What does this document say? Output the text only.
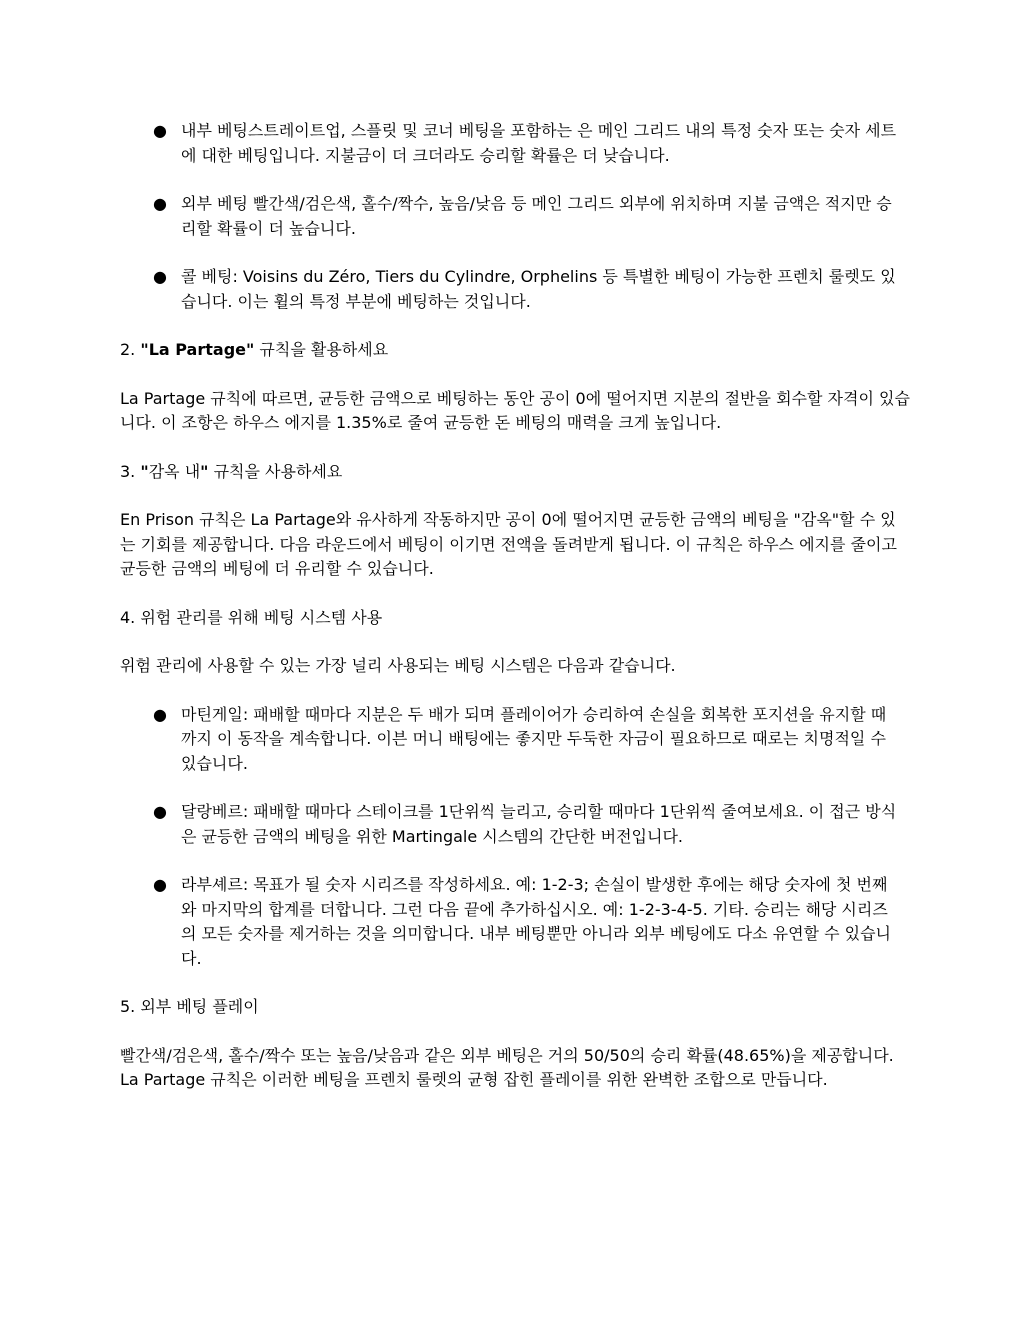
● 내부 베팅스트레이트업, 스플릿 및 코너 베팅을 포함하는 은 메인 그리드 내의 특정 숫자 또는 숫자 세트에 대한 베팅입니다. 지불금이 더 크더라도 승리할 확률은 더 낮습니다.
● 외부 베팅 빨간색/검은색, 홀수/짝수, 높음/낮음 등 메인 그리드 외부에 위치하며 지불 금액은 적지만 승리할 확률이 더 높습니다.
● 콜 베팅: Voisins du Zéro, Tiers du Cylindre, Orphelins 등 특별한 베팅이 가능한 프렌치 룰렛도 있습니다. 이는 휠의 특정 부분에 베팅하는 것입니다.

2. "La Partage" 규칙을 활용하세요

La Partage 규칙에 따르면, 균등한 금액으로 베팅하는 동안 공이 0에 떨어지면 지분의 절반을 회수할 자격이 있습니다. 이 조항은 하우스 에지를 1.35%로 줄여 균등한 돈 베팅의 매력을 크게 높입니다.

3. "감옥 내" 규칙을 사용하세요

En Prison 규칙은 La Partage와 유사하게 작동하지만 공이 0에 떨어지면 균등한 금액의 베팅을 "감옥"할 수 있는 기회를 제공합니다. 다음 라운드에서 베팅이 이기면 전액을 돌려받게 됩니다. 이 규칙은 하우스 에지를 줄이고 균등한 금액의 베팅에 더 유리할 수 있습니다.

4. 위험 관리를 위해 베팅 시스템 사용

위험 관리에 사용할 수 있는 가장 널리 사용되는 베팅 시스템은 다음과 같습니다.

● 마틴게일: 패배할 때마다 지분은 두 배가 되며 플레이어가 승리하여 손실을 회복한 포지션을 유지할 때까지 이 동작을 계속합니다. 이븐 머니 배팅에는 좋지만 두둑한 자금이 필요하므로 때로는 치명적일 수 있습니다.
● 달랑베르: 패배할 때마다 스테이크를 1단위씩 늘리고, 승리할 때마다 1단위씩 줄여보세요. 이 접근 방식은 균등한 금액의 베팅을 위한 Martingale 시스템의 간단한 버전입니다.
● 라부셰르: 목표가 될 숫자 시리즈를 작성하세요. 예: 1-2-3; 손실이 발생한 후에는 해당 숫자에 첫 번째와 마지막의 합계를 더합니다. 그런 다음 끝에 추가하십시오. 예: 1-2-3-4-5. 기타. 승리는 해당 시리즈의 모든 숫자를 제거하는 것을 의미합니다. 내부 베팅뿐만 아니라 외부 베팅에도 다소 유연할 수 있습니다.

5. 외부 베팅 플레이

빨간색/검은색, 홀수/짝수 또는 높음/낮음과 같은 외부 베팅은 거의 50/50의 승리 확률(48.65%)을 제공합니다. La Partage 규칙은 이러한 베팅을 프렌치 룰렛의 균형 잡힌 플레이를 위한 완벽한 조합으로 만듭니다.
